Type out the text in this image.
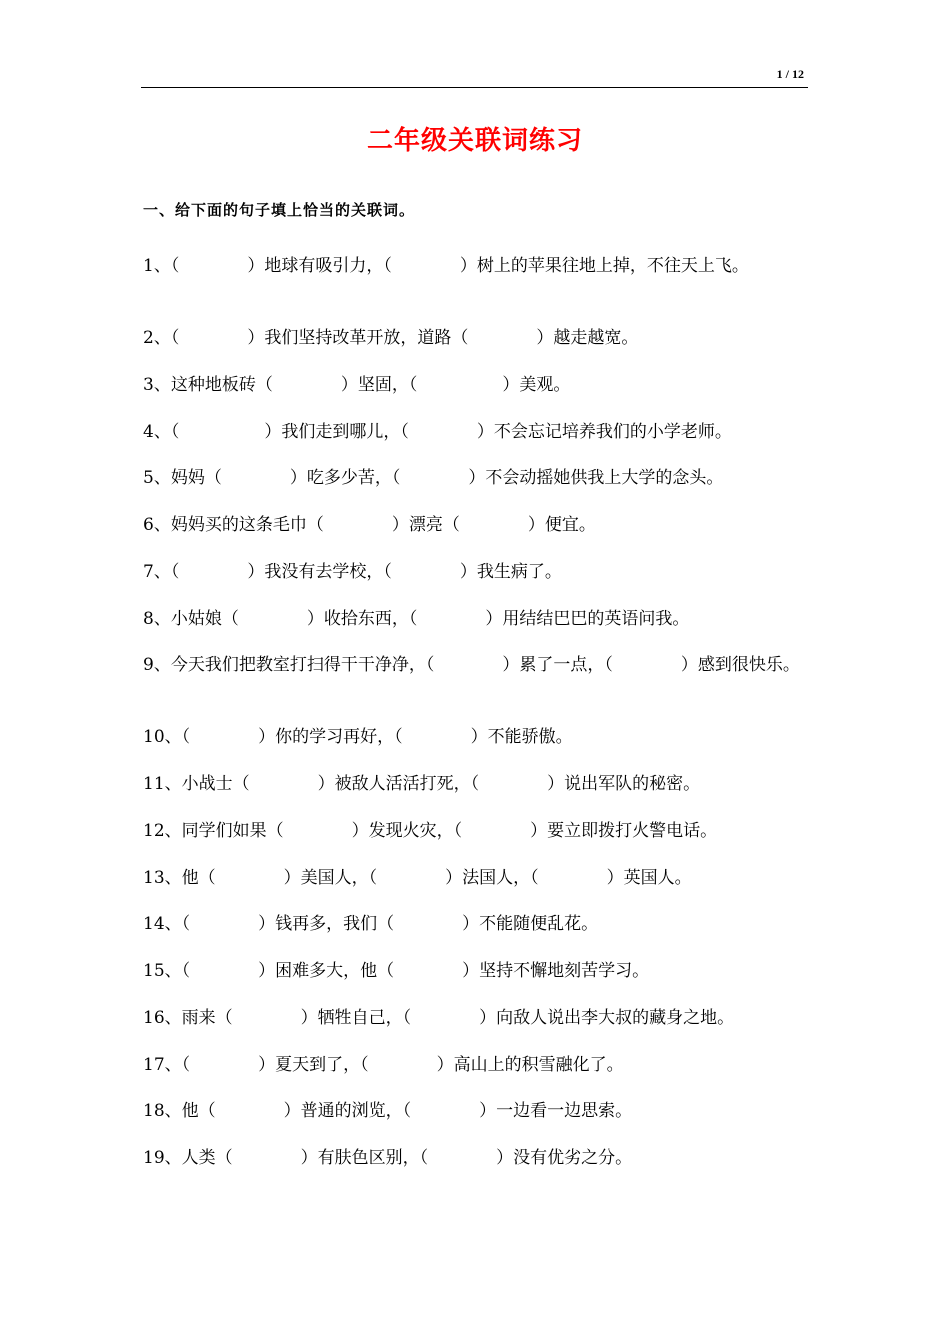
1 / 12
二年级关联词练习
一、给下面的句子填上恰当的关联词。

1、（　　　　）地球有吸引力，（　　　　）树上的苹果往地上掉，不往天上飞。

2、（　　　　）我们坚持改革开放，道路（　　　　）越走越宽。

3、这种地板砖（　　　　）坚固，（　　　　　）美观。

4、（　　　　　）我们走到哪儿，（　　　　）不会忘记培养我们的小学老师。

5、妈妈（　　　　）吃多少苦，（　　　　）不会动摇她供我上大学的念头。

6、妈妈买的这条毛巾（　　　　）漂亮（　　　　）便宜。

7、（　　　　）我没有去学校，（　　　　）我生病了。

8、小姑娘（　　　　）收拾东西，（　　　　）用结结巴巴的英语问我。

9、今天我们把教室打扫得干干净净，（　　　　）累了一点，（　　　　）感到很快乐。

10、（　　　　）你的学习再好，（　　　　）不能骄傲。

11、小战士（　　　　）被敌人活活打死，（　　　　）说出军队的秘密。

12、同学们如果（　　　　）发现火灾，（　　　　）要立即拨打火警电话。

13、他（　　　　）美国人，（　　　　）法国人，（　　　　）英国人。

14、（　　　　）钱再多，我们（　　　　）不能随便乱花。

15、（　　　　）困难多大，他（　　　　）坚持不懈地刻苦学习。

16、雨来（　　　　）牺牲自己，（　　　　）向敌人说出李大叔的藏身之地。

17、（　　　　）夏天到了，（　　　　）高山上的积雪融化了。

18、他（　　　　）普通的浏览，（　　　　）一边看一边思索。

19、人类（　　　　）有肤色区别，（　　　　）没有优劣之分。
